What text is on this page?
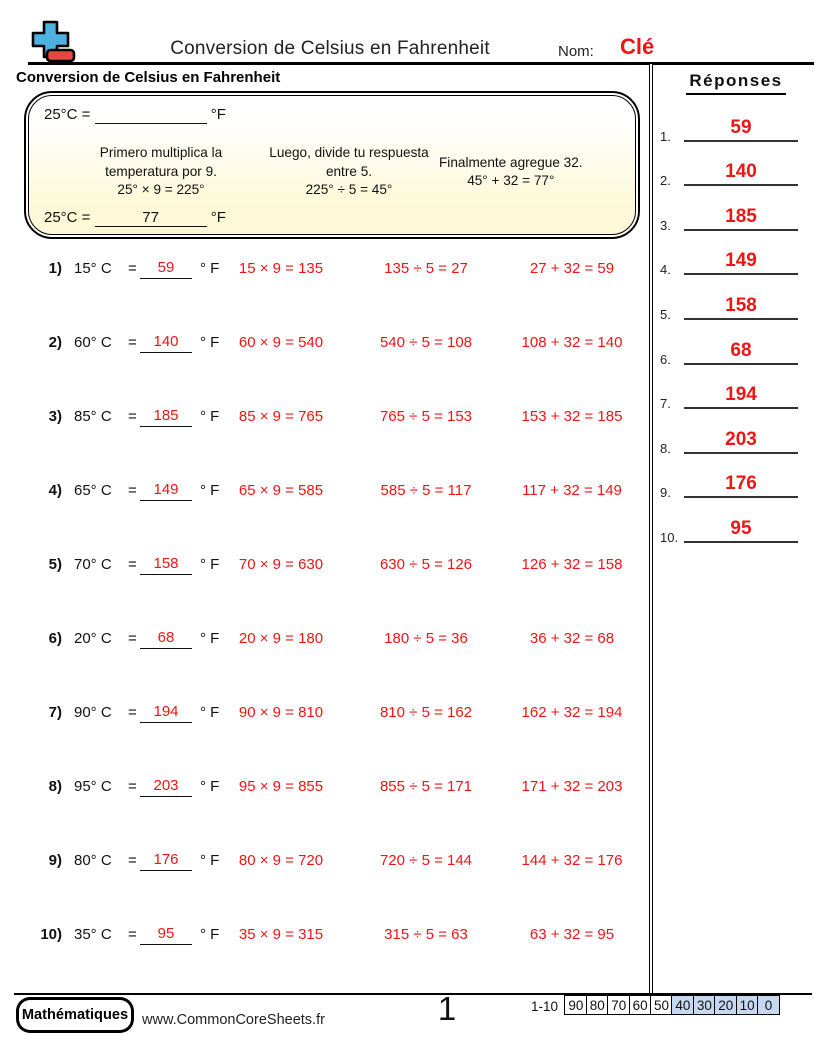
Conversion de Celsius en Fahrenheit	Nom: Clé
Conversion de Celsius en Fahrenheit
25°C =	°F
Primero multiplica la temperatura por 9.
25° × 9 = 225°
Luego, divide tu respuesta entre 5.
225° ÷ 5 = 45°
Finalmente agregue 32.
45° + 32 = 77°
25°C =	77	°F
1) 15° C =	59	° F	15 × 9 = 135	135 ÷ 5 = 27	27 + 32 = 59
2) 60° C =	140	° F	60 × 9 = 540	540 ÷ 5 = 108	108 + 32 = 140
3) 85° C =	185	° F	85 × 9 = 765	765 ÷ 5 = 153	153 + 32 = 185
4) 65° C =	149	° F	65 × 9 = 585	585 ÷ 5 = 117	117 + 32 = 149
5) 70° C =	158	° F	70 × 9 = 630	630 ÷ 5 = 126	126 + 32 = 158
6) 20° C =	68	° F	20 × 9 = 180	180 ÷ 5 = 36	36 + 32 = 68
7) 90° C =	194	° F	90 × 9 = 810	810 ÷ 5 = 162	162 + 32 = 194
8) 95° C =	203	° F	95 × 9 = 855	855 ÷ 5 = 171	171 + 32 = 203
9) 80° C =	176	° F	80 × 9 = 720	720 ÷ 5 = 144	144 + 32 = 176
10) 35° C =	95	° F	35 × 9 = 315	315 ÷ 5 = 63	63 + 32 = 95
Réponses
1.	59
2.	140
3.	185
4.	149
5.	158
6.	68
7.	194
8.	203
9.	176
10.	95
Mathématiques www.CommonCoreSheets.fr	1	1-10 90 80 70 60 50 40 30 20 10 0
